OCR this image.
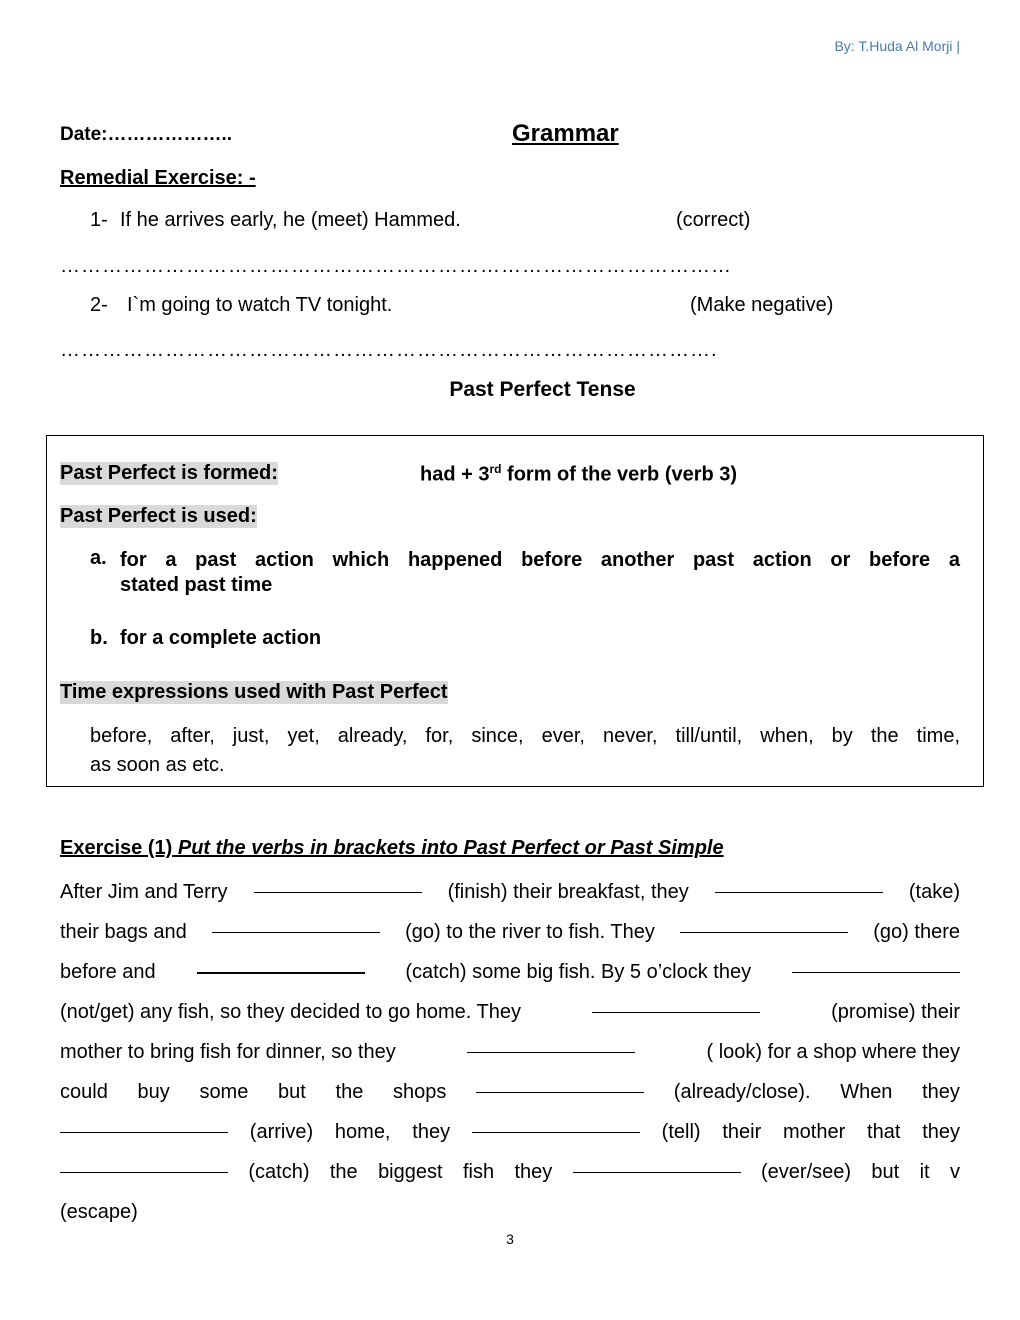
By: T.Huda Al Morji |
Date:………………..	Grammar
Remedial Exercise: -
1- If he arrives early, he (meet) Hammed.	(correct)
……………………………………………………………………………………
2- I`m going to watch TV tonight.	(Make negative)
………………………………………………………………………………….
Past Perfect Tense
Past Perfect is formed:	had + 3rd form of the verb (verb 3)
Past Perfect is used:
a. for a past action which happened before another past action or before a
stated past time
b. for a complete action
Time expressions used with Past Perfect
before, after, just, yet, already, for, since, ever, never, till/until, when, by the time,
as soon as etc.
Exercise (1) Put the verbs in brackets into Past Perfect or Past Simple
After Jim and Terry	(finish) their breakfast, they	(take)
their bags and	(go) to the river to fish. They	(go) there
before and	(catch) some big fish. By 5 o’clock they
(not/get) any fish, so they decided to go home. They	(promise) their
mother to bring fish for dinner, so they	( look) for a shop where they
could buy some but the shops	(already/close). When they
(arrive) home, they	(tell) their mother that they
(catch) the biggest fish they	(ever/see) but it v
(escape)
3
